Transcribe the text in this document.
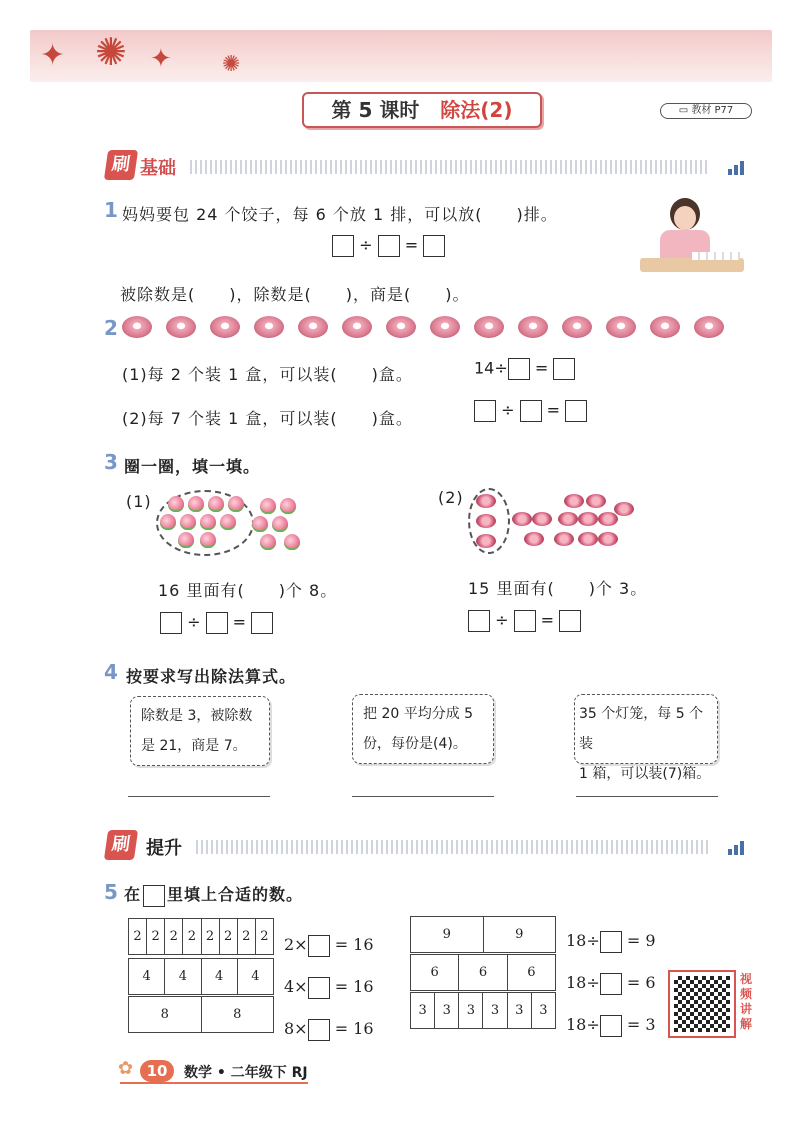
✦ ✺ ✦ ✺
第 5 课时 除法(2)	▭ 教材 P77
刷 基础
1 妈妈要包 24 个饺子，每 6 个放 1 排，可以放(　　)排。
÷ =
被除数是(　　)，除数是(　　)，商是(　　)。
2
(1)每 2 个装 1 盒，可以装(　　)盒。	14÷ =
(2)每 7 个装 1 盒，可以装(　　)盒。	÷  =
3 圈一圈，填一填。
(1)
16 里面有(　　)个 8。
÷  =
(2)
15 里面有(　　)个 3。
÷  =
4 按要求写出除法算式。
除数是 3，被除数
是 21，商是 7。
把 20 平均分成 5
份，每份是(4)。
35 个灯笼，每 5 个装
1 箱，可以装(7)箱。
刷 提升
5 在 里填上合适的数。
2	2	2	2	2	2	2	2
4	4	4	4
8	8
2× = 16
4× = 16
8× = 16
9	9
6	6	6
3	3	3	3	3	3
18÷ = 9
18÷ = 6
18÷ = 3
视频讲解
✿ 10	数学 • 二年级下 RJ
